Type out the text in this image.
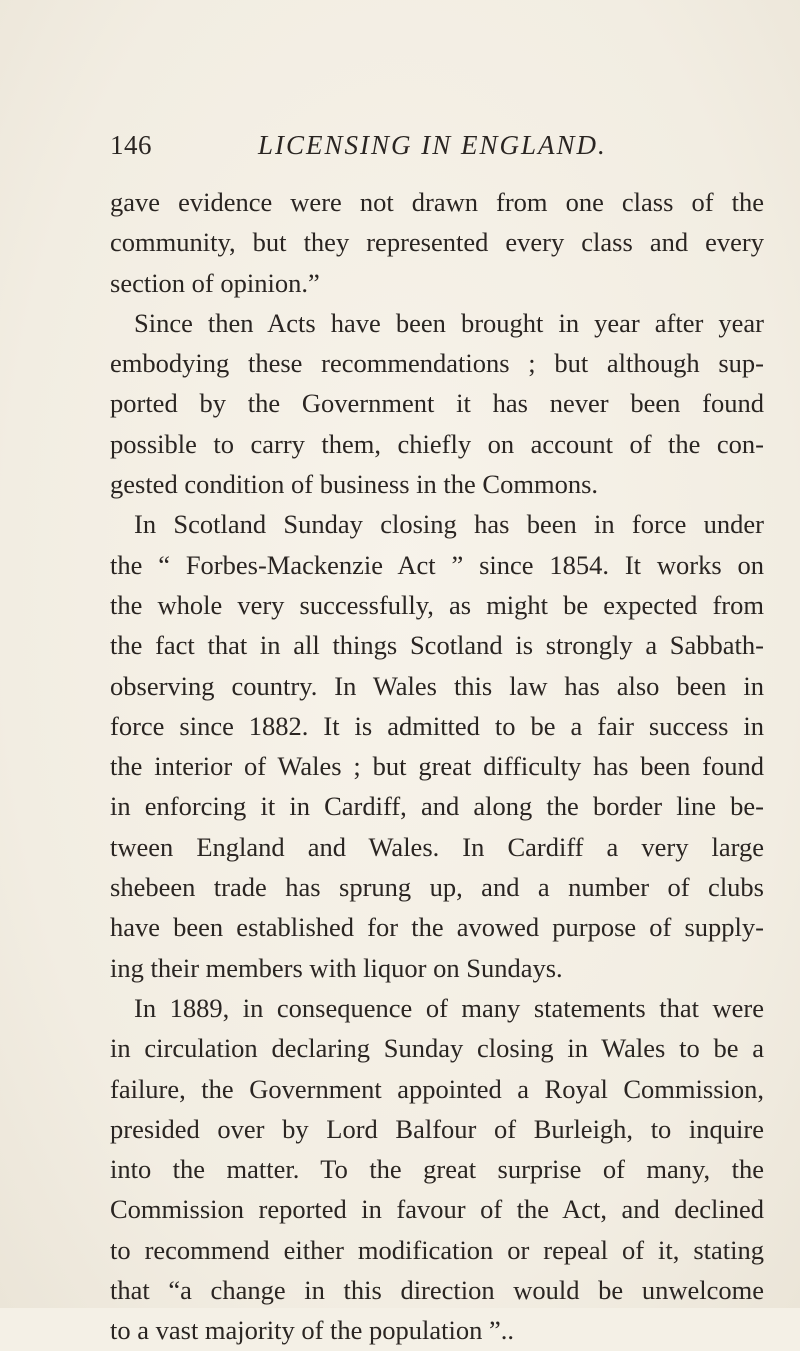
146	LICENSING IN ENGLAND.
gave evidence were not drawn from one class of the
community, but they represented every class and every
section of opinion.”
Since then Acts have been brought in year after year
embodying these recommendations ; but although sup-
ported by the Government it has never been found
possible to carry them, chiefly on account of the con-
gested condition of business in the Commons.
In Scotland Sunday closing has been in force under
the “ Forbes-Mackenzie Act ” since 1854. It works on
the whole very successfully, as might be expected from
the fact that in all things Scotland is strongly a Sabbath-
observing country. In Wales this law has also been in
force since 1882. It is admitted to be a fair success in
the interior of Wales ; but great difficulty has been found
in enforcing it in Cardiff, and along the border line be-
tween England and Wales. In Cardiff a very large
shebeen trade has sprung up, and a number of clubs
have been established for the avowed purpose of supply-
ing their members with liquor on Sundays.
In 1889, in consequence of many statements that were
in circulation declaring Sunday closing in Wales to be a
failure, the Government appointed a Royal Commission,
presided over by Lord Balfour of Burleigh, to inquire
into the matter. To the great surprise of many, the
Commission reported in favour of the Act, and declined
to recommend either modification or repeal of it, stating
that “a change in this direction would be unwelcome
to a vast majority of the population ”..
